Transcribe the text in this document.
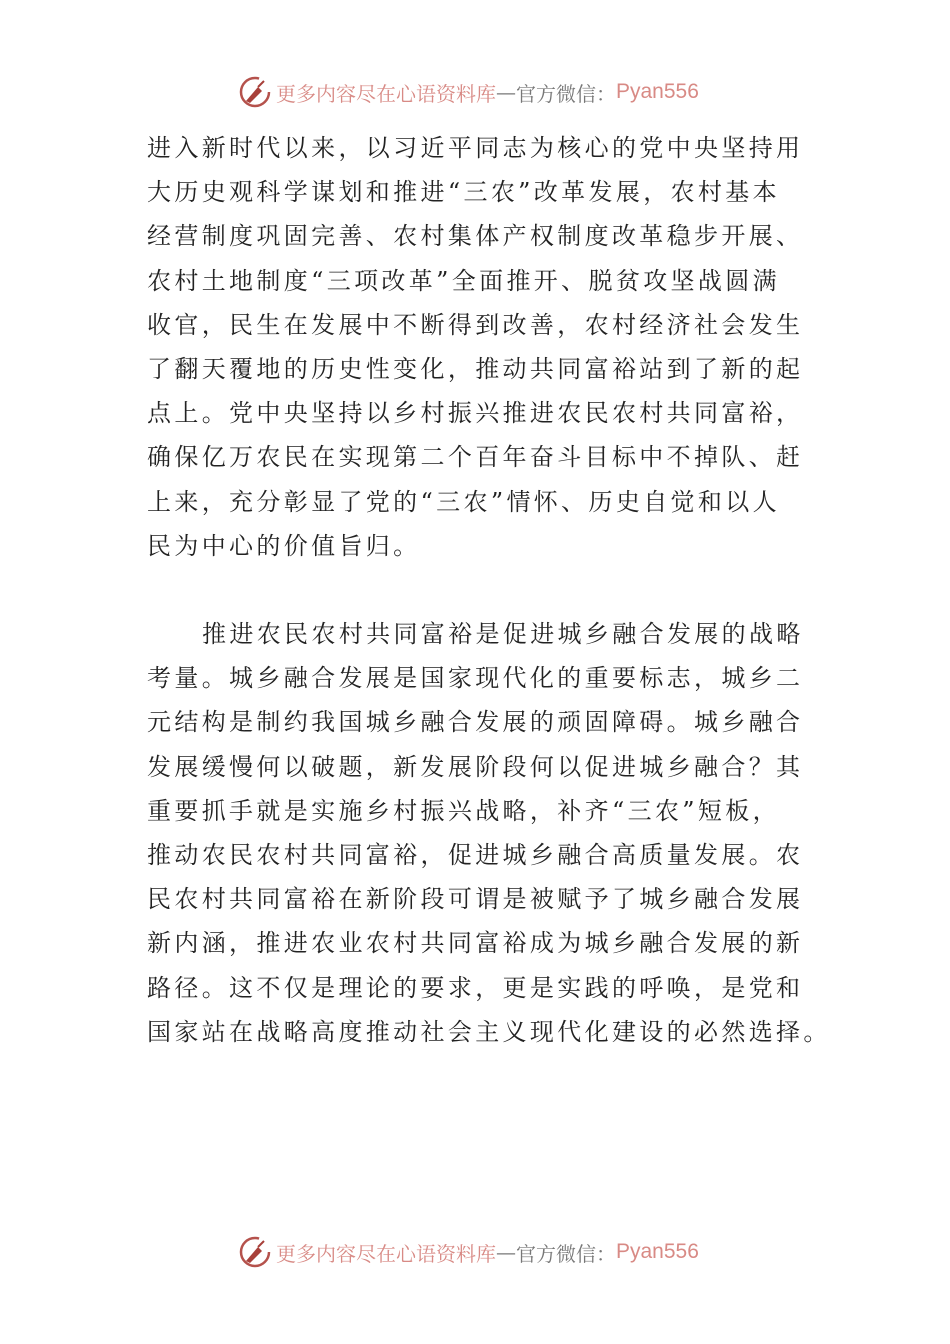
更多内容尽在心语资料库 — 官方微信： Pyan556
进入新时代以来，以习近平同志为核心的党中央坚持用
大历史观科学谋划和推进“三农”改革发展，农村基本
经营制度巩固完善、农村集体产权制度改革稳步开展、
农村土地制度“三项改革”全面推开、脱贫攻坚战圆满
收官，民生在发展中不断得到改善，农村经济社会发生
了翻天覆地的历史性变化，推动共同富裕站到了新的起
点上。党中央坚持以乡村振兴推进农民农村共同富裕，
确保亿万农民在实现第二个百年奋斗目标中不掉队、赶
上来，充分彰显了党的“三农”情怀、历史自觉和以人
民为中心的价值旨归。
推进农民农村共同富裕是促进城乡融合发展的战略
考量。城乡融合发展是国家现代化的重要标志，城乡二
元结构是制约我国城乡融合发展的顽固障碍。城乡融合
发展缓慢何以破题，新发展阶段何以促进城乡融合？其
重要抓手就是实施乡村振兴战略，补齐“三农”短板，
推动农民农村共同富裕，促进城乡融合高质量发展。农
民农村共同富裕在新阶段可谓是被赋予了城乡融合发展
新内涵，推进农业农村共同富裕成为城乡融合发展的新
路径。这不仅是理论的要求，更是实践的呼唤，是党和
国家站在战略高度推动社会主义现代化建设的必然选择。
更多内容尽在心语资料库 — 官方微信： Pyan556
